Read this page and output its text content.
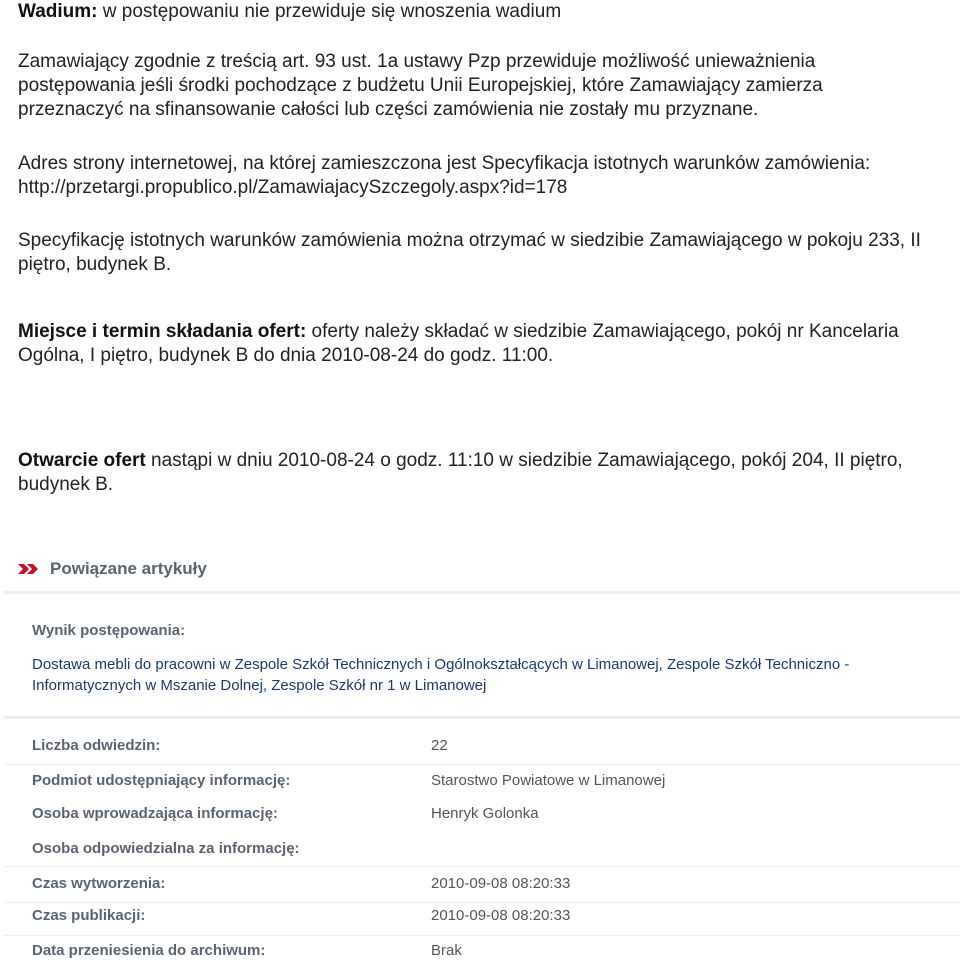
Wadium: w postępowaniu nie przewiduje się wnoszenia wadium

Zamawiający zgodnie z treścią art. 93 ust. 1a ustawy Pzp przewiduje możliwość unieważnienia
postępowania jeśli środki pochodzące z budżetu Unii Europejskiej, które Zamawiający zamierza
przeznaczyć na sfinansowanie całości lub części zamówienia nie zostały mu przyznane.

Adres strony internetowej, na której zamieszczona jest Specyfikacja istotnych warunków zamówienia: http://przetargi.propublico.pl/ZamawiajacySzczegoly.aspx?id=178

Specyfikację istotnych warunków zamówienia można otrzymać w siedzibie Zamawiającego w pokoju 233, II piętro, budynek B.

Miejsce i termin składania ofert: oferty należy składać w siedzibie Zamawiającego, pokój nr Kancelaria Ogólna, I piętro, budynek B do dnia 2010-08-24 do godz. 11:00.

Otwarcie ofert nastąpi w dniu 2010-08-24 o godz. 11:10 w siedzibie Zamawiającego, pokój 204, II piętro, budynek B.

Powiązane artykuły
Wynik postępowania:
Dostawa mebli do pracowni w Zespole Szkół Technicznych i Ogólnokształcących w Limanowej, Zespole Szkół Techniczno - Informatycznych w Mszanie Dolnej, Zespole Szkół nr 1 w Limanowej
Liczba odwiedzin:	22
Podmiot udostępniający informację:	Starostwo Powiatowe w Limanowej
Osoba wprowadzająca informację:	Henryk Golonka
Osoba odpowiedzialna za informację:
Czas wytworzenia:	2010-09-08 08:20:33
Czas publikacji:	2010-09-08 08:20:33
Data przeniesienia do archiwum:	Brak
